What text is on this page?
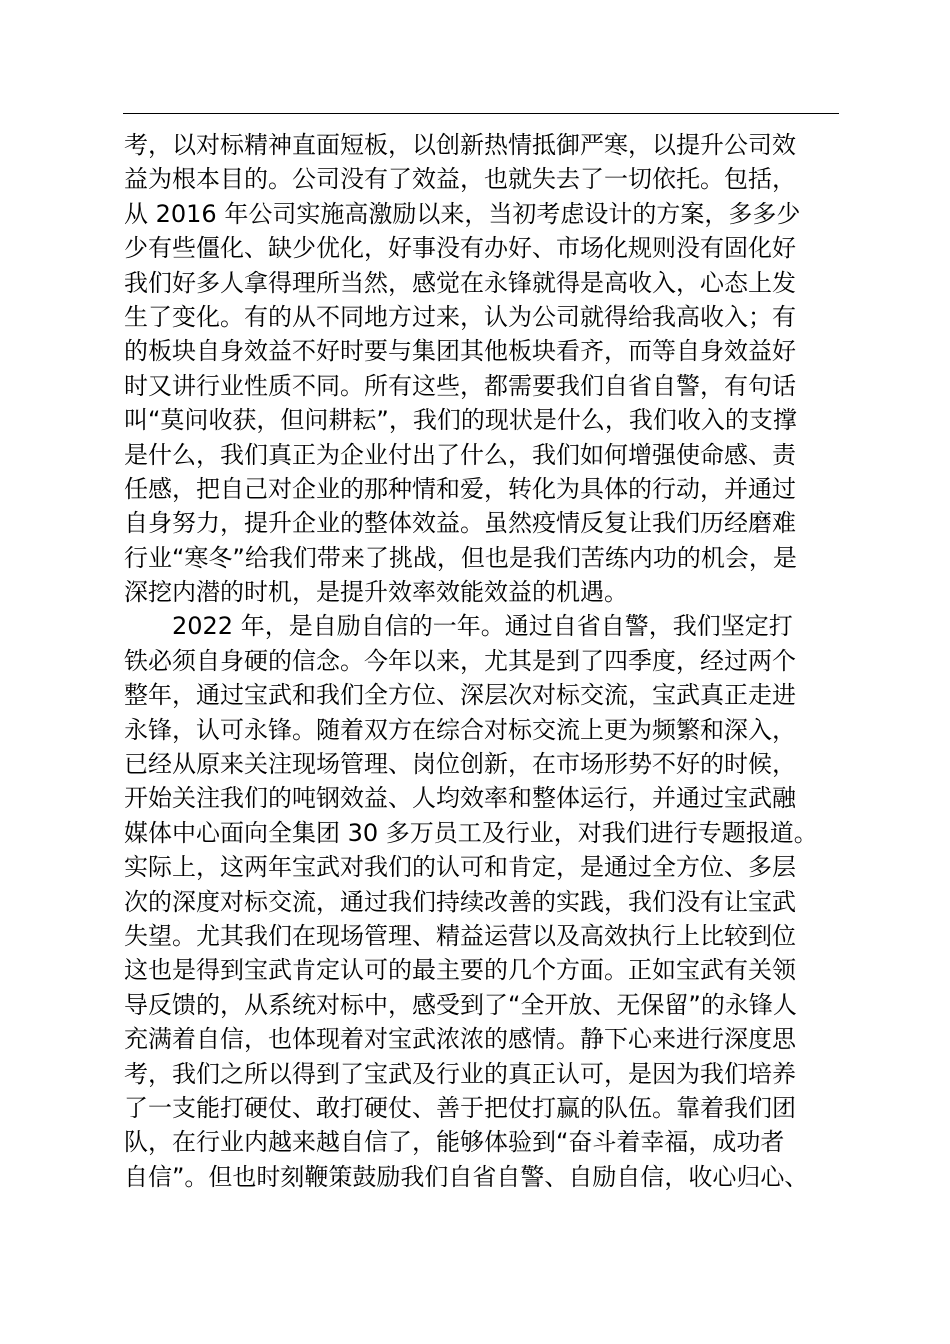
考，以对标精神直面短板，以创新热情抵御严寒，以提升公司效
益为根本目的。公司没有了效益，也就失去了一切依托。包括，
从 2016 年公司实施高激励以来，当初考虑设计的方案，多多少
少有些僵化、缺少优化，好事没有办好、市场化规则没有固化好
我们好多人拿得理所当然，感觉在永锋就得是高收入，心态上发
生了变化。有的从不同地方过来，认为公司就得给我高收入；有
的板块自身效益不好时要与集团其他板块看齐，而等自身效益好
时又讲行业性质不同。所有这些，都需要我们自省自警，有句话
叫“莫问收获，但问耕耘”，我们的现状是什么，我们收入的支撑
是什么，我们真正为企业付出了什么，我们如何增强使命感、责
任感，把自己对企业的那种情和爱，转化为具体的行动，并通过
自身努力，提升企业的整体效益。虽然疫情反复让我们历经磨难
行业“寒冬”给我们带来了挑战，但也是我们苦练内功的机会，是
深挖内潜的时机，是提升效率效能效益的机遇。
2022 年，是自励自信的一年。通过自省自警，我们坚定打
铁必须自身硬的信念。今年以来，尤其是到了四季度，经过两个
整年，通过宝武和我们全方位、深层次对标交流，宝武真正走进
永锋，认可永锋。随着双方在综合对标交流上更为频繁和深入，
已经从原来关注现场管理、岗位创新，在市场形势不好的时候，
开始关注我们的吨钢效益、人均效率和整体运行，并通过宝武融
媒体中心面向全集团 30 多万员工及行业，对我们进行专题报道。
实际上，这两年宝武对我们的认可和肯定，是通过全方位、多层
次的深度对标交流，通过我们持续改善的实践，我们没有让宝武
失望。尤其我们在现场管理、精益运营以及高效执行上比较到位
这也是得到宝武肯定认可的最主要的几个方面。正如宝武有关领
导反馈的，从系统对标中，感受到了“全开放、无保留”的永锋人
充满着自信，也体现着对宝武浓浓的感情。静下心来进行深度思
考，我们之所以得到了宝武及行业的真正认可，是因为我们培养
了一支能打硬仗、敢打硬仗、善于把仗打赢的队伍。靠着我们团
队，在行业内越来越自信了，能够体验到“奋斗着幸福，成功者
自信”。但也时刻鞭策鼓励我们自省自警、自励自信，收心归心、
